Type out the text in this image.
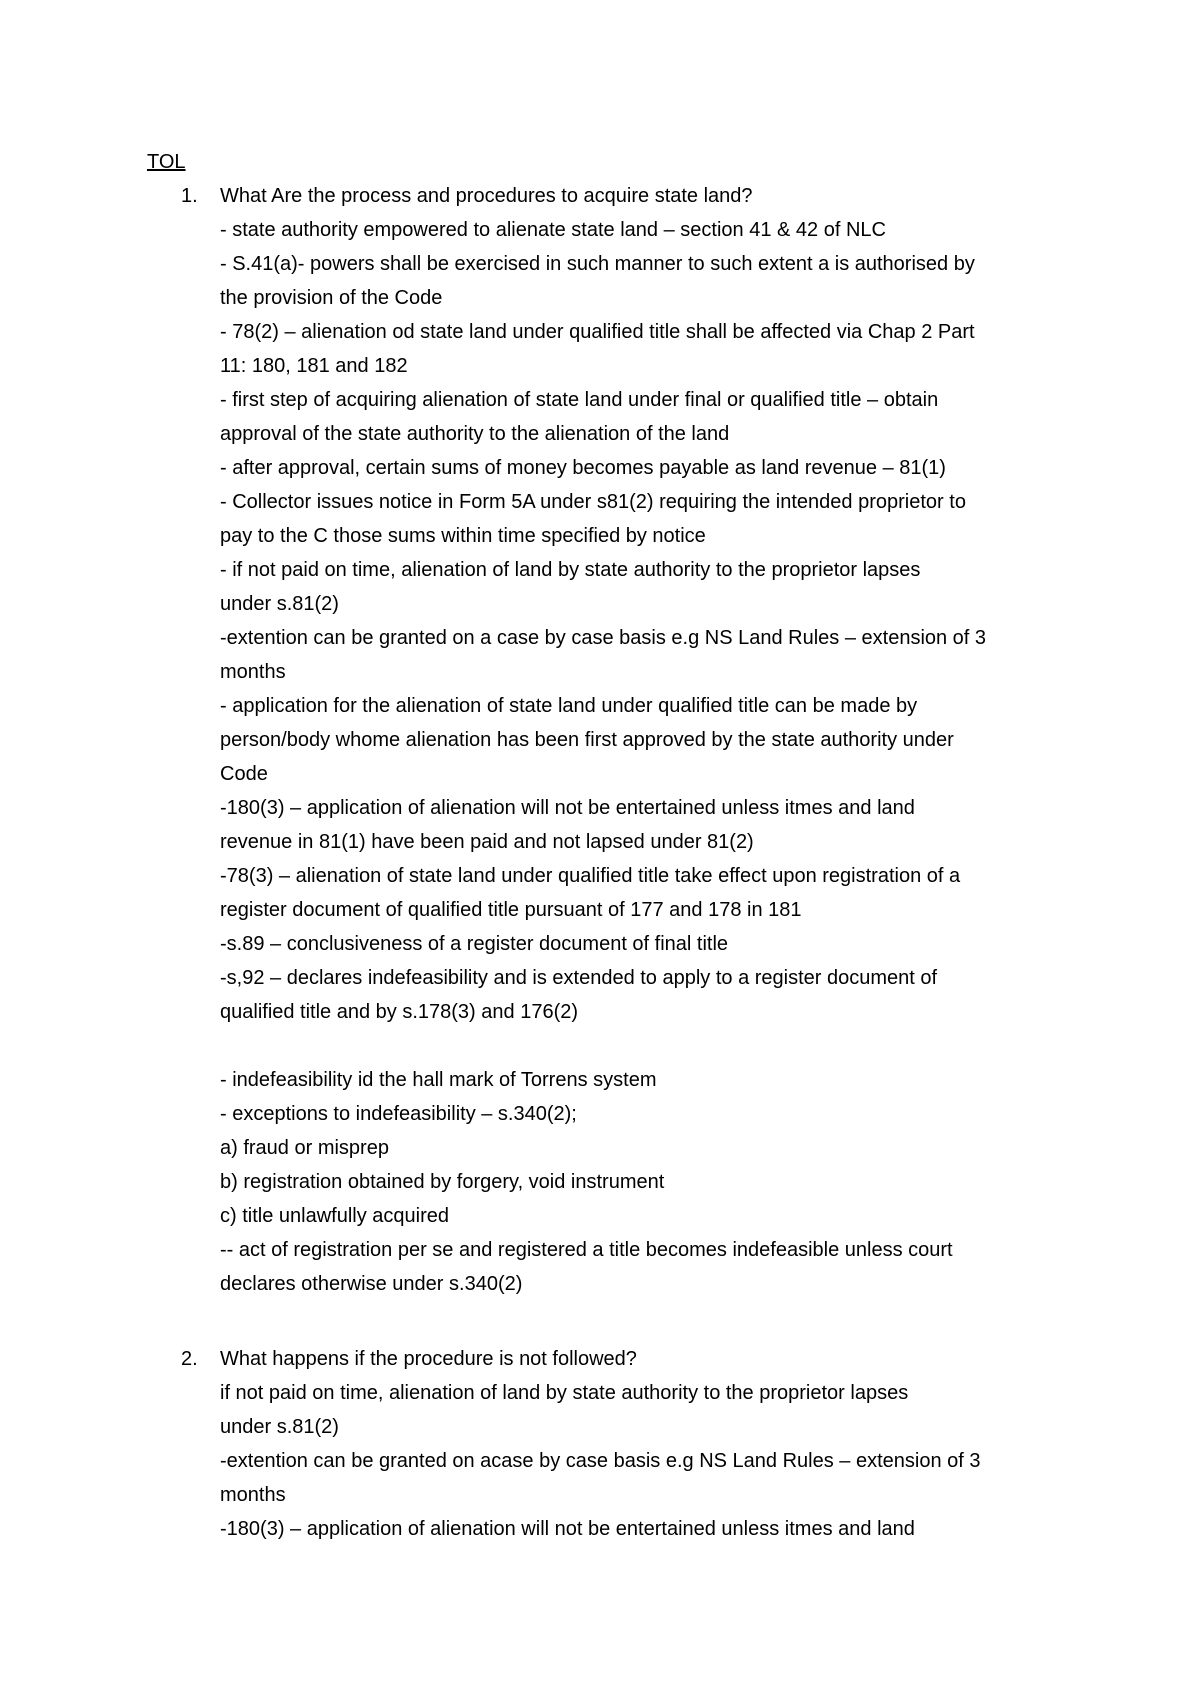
TOL
1. What Are the process and procedures to acquire state land?
- state authority empowered to alienate state land – section 41 & 42 of NLC
- S.41(a)- powers shall be exercised in such manner to such extent a is authorised by
the provision of the Code
- 78(2) – alienation od state land under qualified title shall be affected via Chap 2 Part
11: 180, 181 and 182
- first step of acquiring alienation of state land under final or qualified title – obtain
approval of the state authority to the alienation of the land
- after approval, certain sums of money becomes payable as land revenue – 81(1)
- Collector issues notice in Form 5A under s81(2) requiring the intended proprietor to
pay to the C those sums within time specified by notice
- if not paid on time, alienation of land by state authority to the proprietor lapses
under s.81(2)
-extention can be granted on a case by case basis e.g NS Land Rules – extension of 3
months
- application for the alienation of state land under qualified title can be made by
person/body whome alienation has been first approved by the state authority under
Code
-180(3) – application of alienation will not be entertained unless itmes and land
revenue in 81(1) have been paid and not lapsed under 81(2)
-78(3) – alienation of state land under qualified title take effect upon registration of a
register document of qualified title pursuant of 177 and 178 in 181
-s.89 – conclusiveness of a register document of final title
-s,92 – declares indefeasibility and is extended to apply to a register document of
qualified title and by s.178(3) and 176(2)
- indefeasibility id the hall mark of Torrens system
- exceptions to indefeasibility – s.340(2);
a) fraud or misprep
b) registration obtained by forgery, void instrument
c) title unlawfully acquired
-- act of registration per se and registered a title becomes indefeasible unless court
declares otherwise under s.340(2)
2. What happens if the procedure is not followed?
if not paid on time, alienation of land by state authority to the proprietor lapses
under s.81(2)
-extention can be granted on acase by case basis e.g NS Land Rules – extension of 3
months
-180(3) – application of alienation will not be entertained unless itmes and land
